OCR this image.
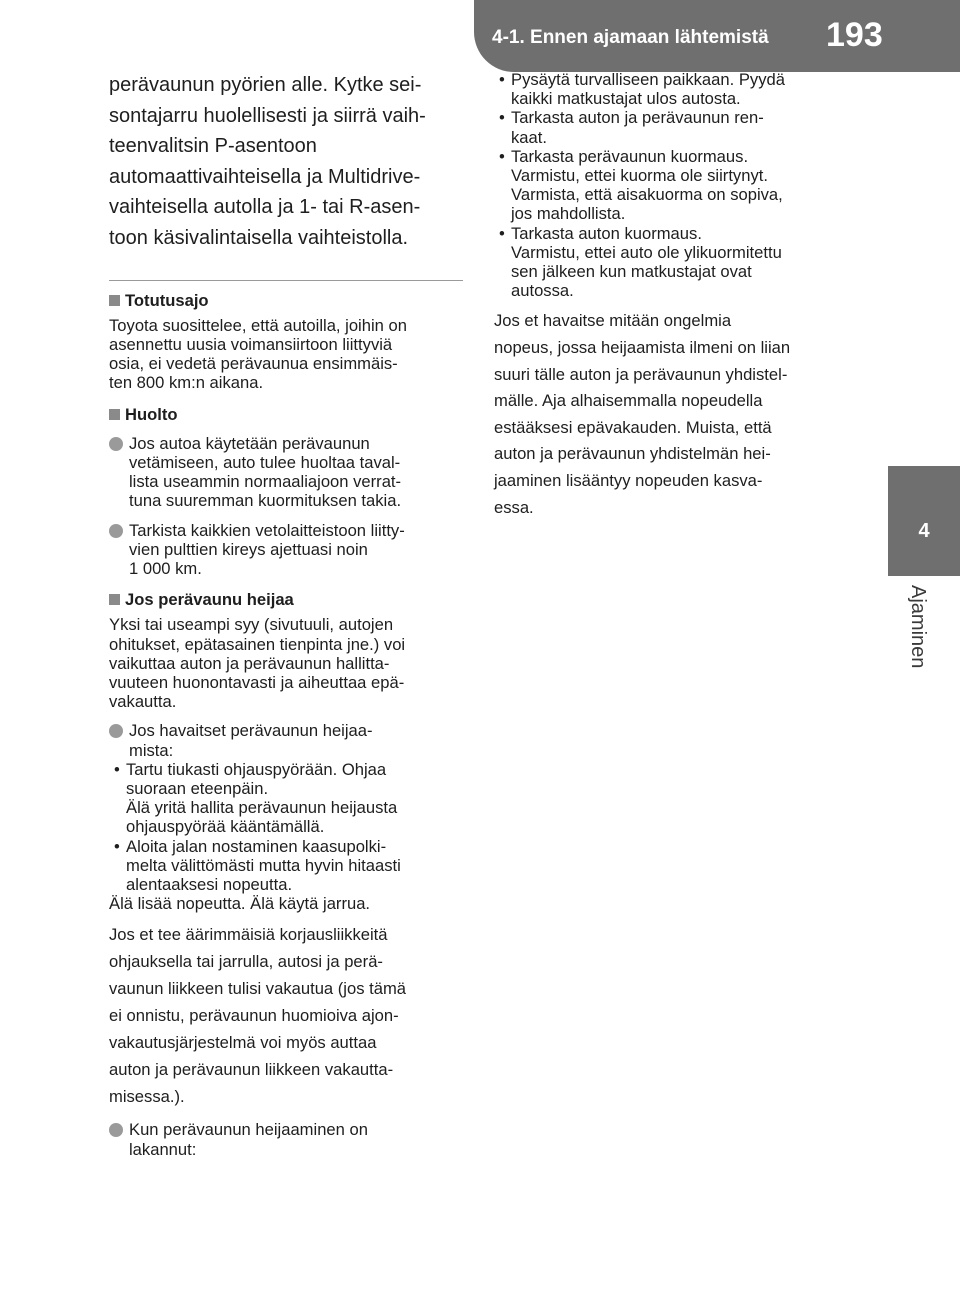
4-1. Ennen ajamaan lähtemistä 193
4
Ajaminen
perävaunun pyörien alle. Kytke sei-
sontajarru huolellisesti ja siirrä vaih-
teenvalitsin P-asentoon
automaattivaihteisella ja Multidrive-
vaihteisella autolla ja 1- tai R-asen-
toon käsivalintaisella vaihteistolla.
Totutusajo
Toyota suosittelee, että autoilla, joihin on
asennettu uusia voimansiirtoon liittyviä
osia, ei vedetä perävaunua ensimmäis-
ten 800 km:n aikana.
Huolto
Jos autoa käytetään perävaunun
vetämiseen, auto tulee huoltaa taval-
lista useammin normaaliajoon verrat-
tuna suuremman kuormituksen takia.
Tarkista kaikkien vetolaitteistoon liitty-
vien pulttien kireys ajettuasi noin
1 000 km.
Jos perävaunu heijaa
Yksi tai useampi syy (sivutuuli, autojen
ohitukset, epätasainen tienpinta jne.) voi
vaikuttaa auton ja perävaunun hallitta-
vuuteen huonontavasti ja aiheuttaa epä-
vakautta.
Jos havaitset perävaunun heijaa-
mista:
• Tartu tiukasti ohjauspyörään. Ohjaa
suoraan eteenpäin.
Älä yritä hallita perävaunun heijausta
ohjauspyörää kääntämällä.
• Aloita jalan nostaminen kaasupolki-
melta välittömästi mutta hyvin hitaasti
alentaaksesi nopeutta.
Älä lisää nopeutta. Älä käytä jarrua.
Jos et tee äärimmäisiä korjausliikkeitä
ohjauksella tai jarrulla, autosi ja perä-
vaunun liikkeen tulisi vakautua (jos tämä
ei onnistu, perävaunun huomioiva ajon-
vakautusjärjestelmä voi myös auttaa
auton ja perävaunun liikkeen vakautta-
misessa.).
Kun perävaunun heijaaminen on
lakannut:
• Pysäytä turvalliseen paikkaan. Pyydä
kaikki matkustajat ulos autosta.
• Tarkasta auton ja perävaunun ren-
kaat.
• Tarkasta perävaunun kuormaus.
Varmistu, ettei kuorma ole siirtynyt.
Varmista, että aisakuorma on sopiva,
jos mahdollista.
• Tarkasta auton kuormaus.
Varmistu, ettei auto ole ylikuormitettu
sen jälkeen kun matkustajat ovat
autossa.
Jos et havaitse mitään ongelmia
nopeus, jossa heijaamista ilmeni on liian
suuri tälle auton ja perävaunun yhdistel-
mälle. Aja alhaisemmalla nopeudella
estääksesi epävakauden. Muista, että
auton ja perävaunun yhdistelmän hei-
jaaminen lisääntyy nopeuden kasva-
essa.
